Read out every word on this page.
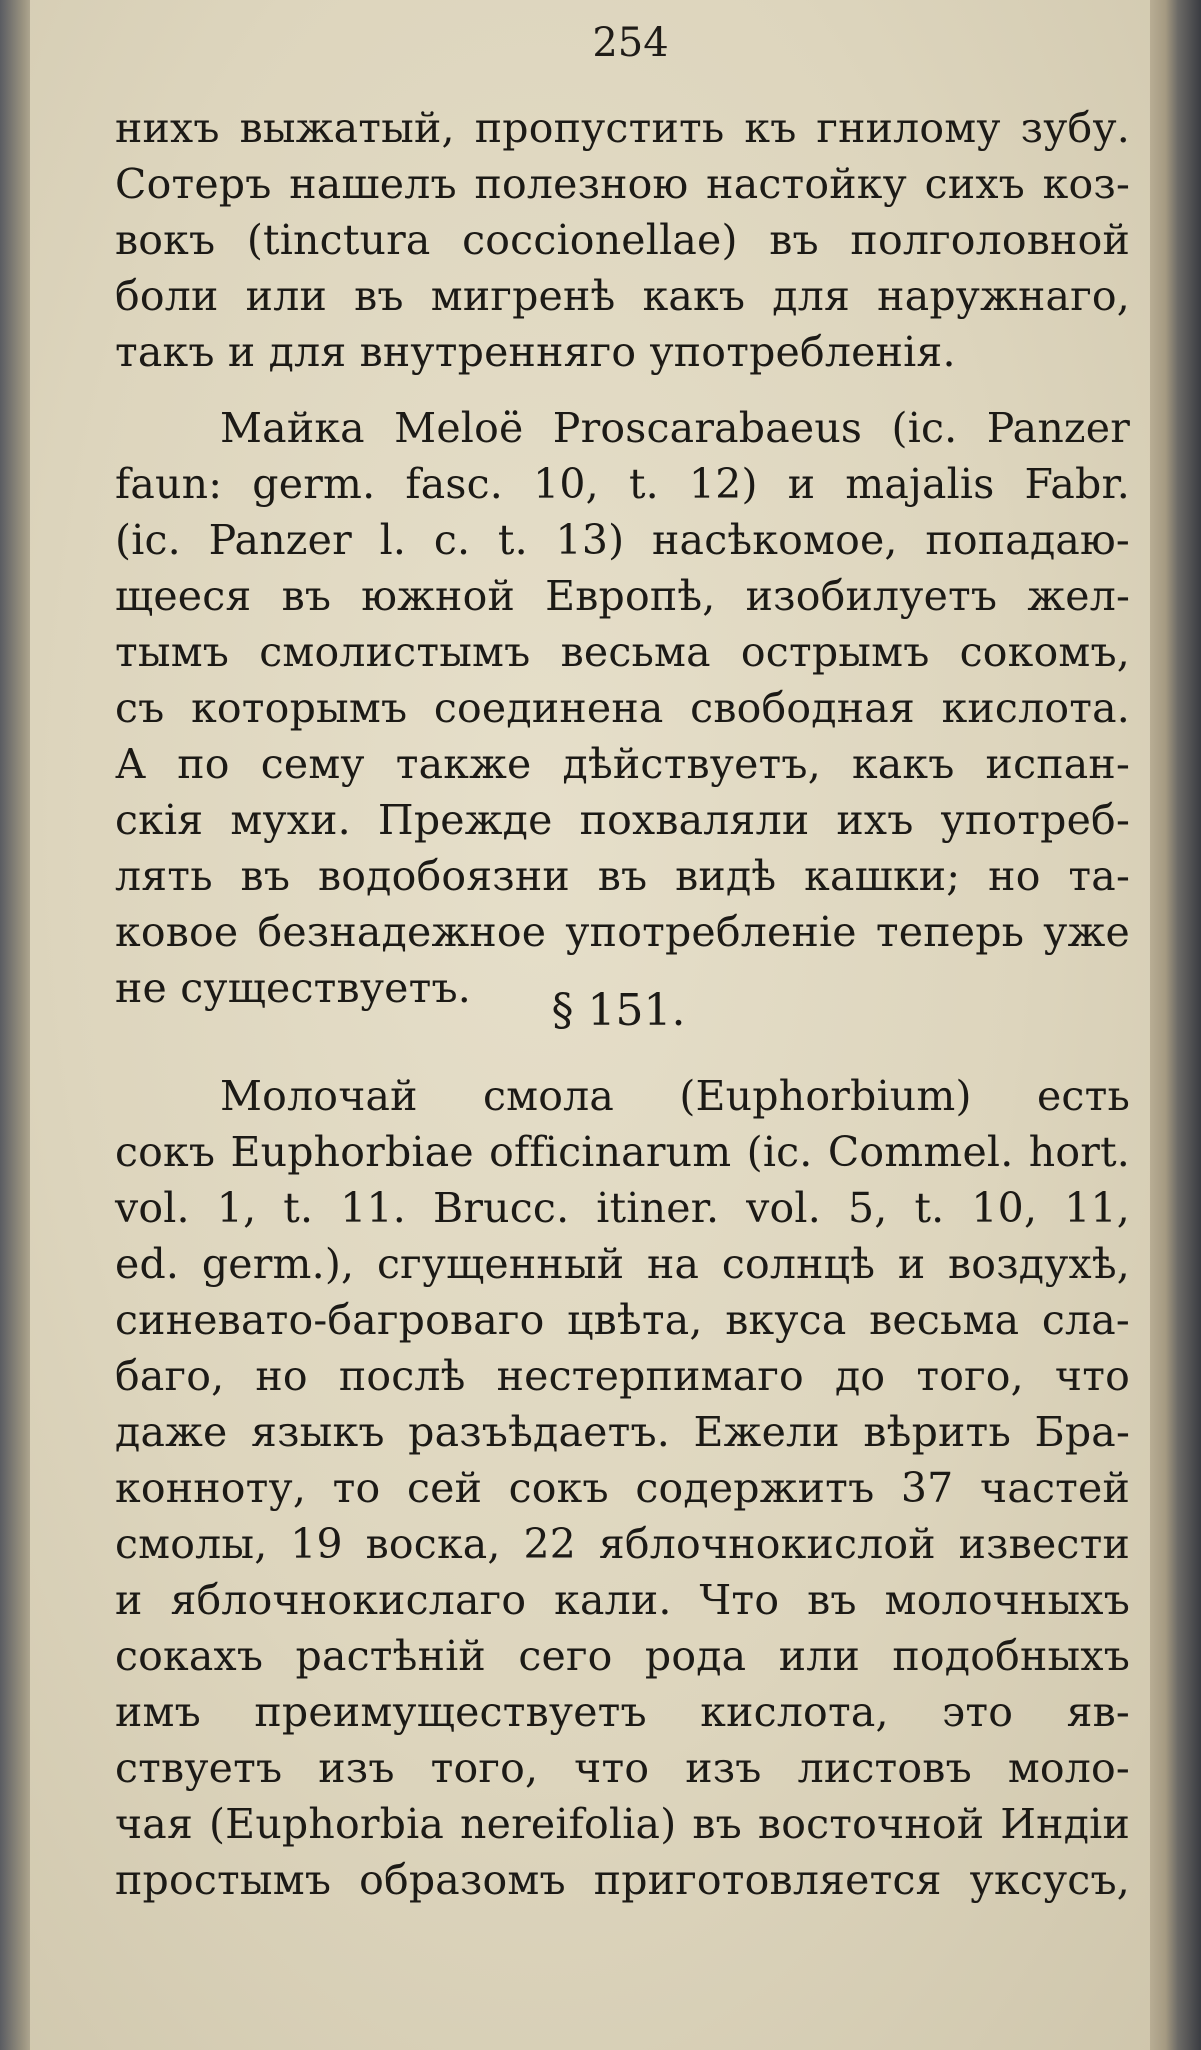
254
нихъ выжатый, пропустить къ гнилому зубу.
Сотеръ нашелъ полезною настойку сихъ коз-
вокъ (tinctura coccionellae) въ полголовной
боли или въ мигренѣ какъ для наружнаго,
такъ и для внутренняго употребленія.
Майка Meloë Proscarabaeus (ic. Panzer
faun: germ. fasc. 10, t. 12) и majalis Fabr.
(ic. Panzer l. c. t. 13) насѣкомое, попадаю-
щееся въ южной Европѣ, изобилуетъ жел-
тымъ смолистымъ весьма острымъ сокомъ,
съ которымъ соединена свободная кислота.
А по сему также дѣйствуетъ, какъ испан-
скія мухи. Прежде похваляли ихъ употреб-
лять въ водобоязни въ видѣ кашки; но та-
ковое безнадежное употребленіе теперь уже
не существуетъ.	§ 151.
Молочай смола (Euphorbium) есть
сокъ Euphorbiae officinarum (ic. Commel. hort.
vol. 1, t. 11. Brucc. itiner. vol. 5, t. 10, 11,
ed. germ.), сгущенный на солнцѣ и воздухѣ,
синевато-багроваго цвѣта, вкуса весьма сла-
баго, но послѣ нестерпимаго до того, что
даже языкъ разъѣдаетъ. Ежели вѣрить Бра-
конноту, то сей сокъ содержитъ 37 частей
смолы, 19 воска, 22 яблочнокислой извести
и яблочнокислаго кали. Что въ молочныхъ
сокахъ растѣній сего рода или подобныхъ
имъ преимуществуетъ кислота, это яв-
ствуетъ изъ того, что изъ листовъ моло-
чая (Euphorbia nereifolia) въ восточной Индіи
простымъ образомъ приготовляется уксусъ,
